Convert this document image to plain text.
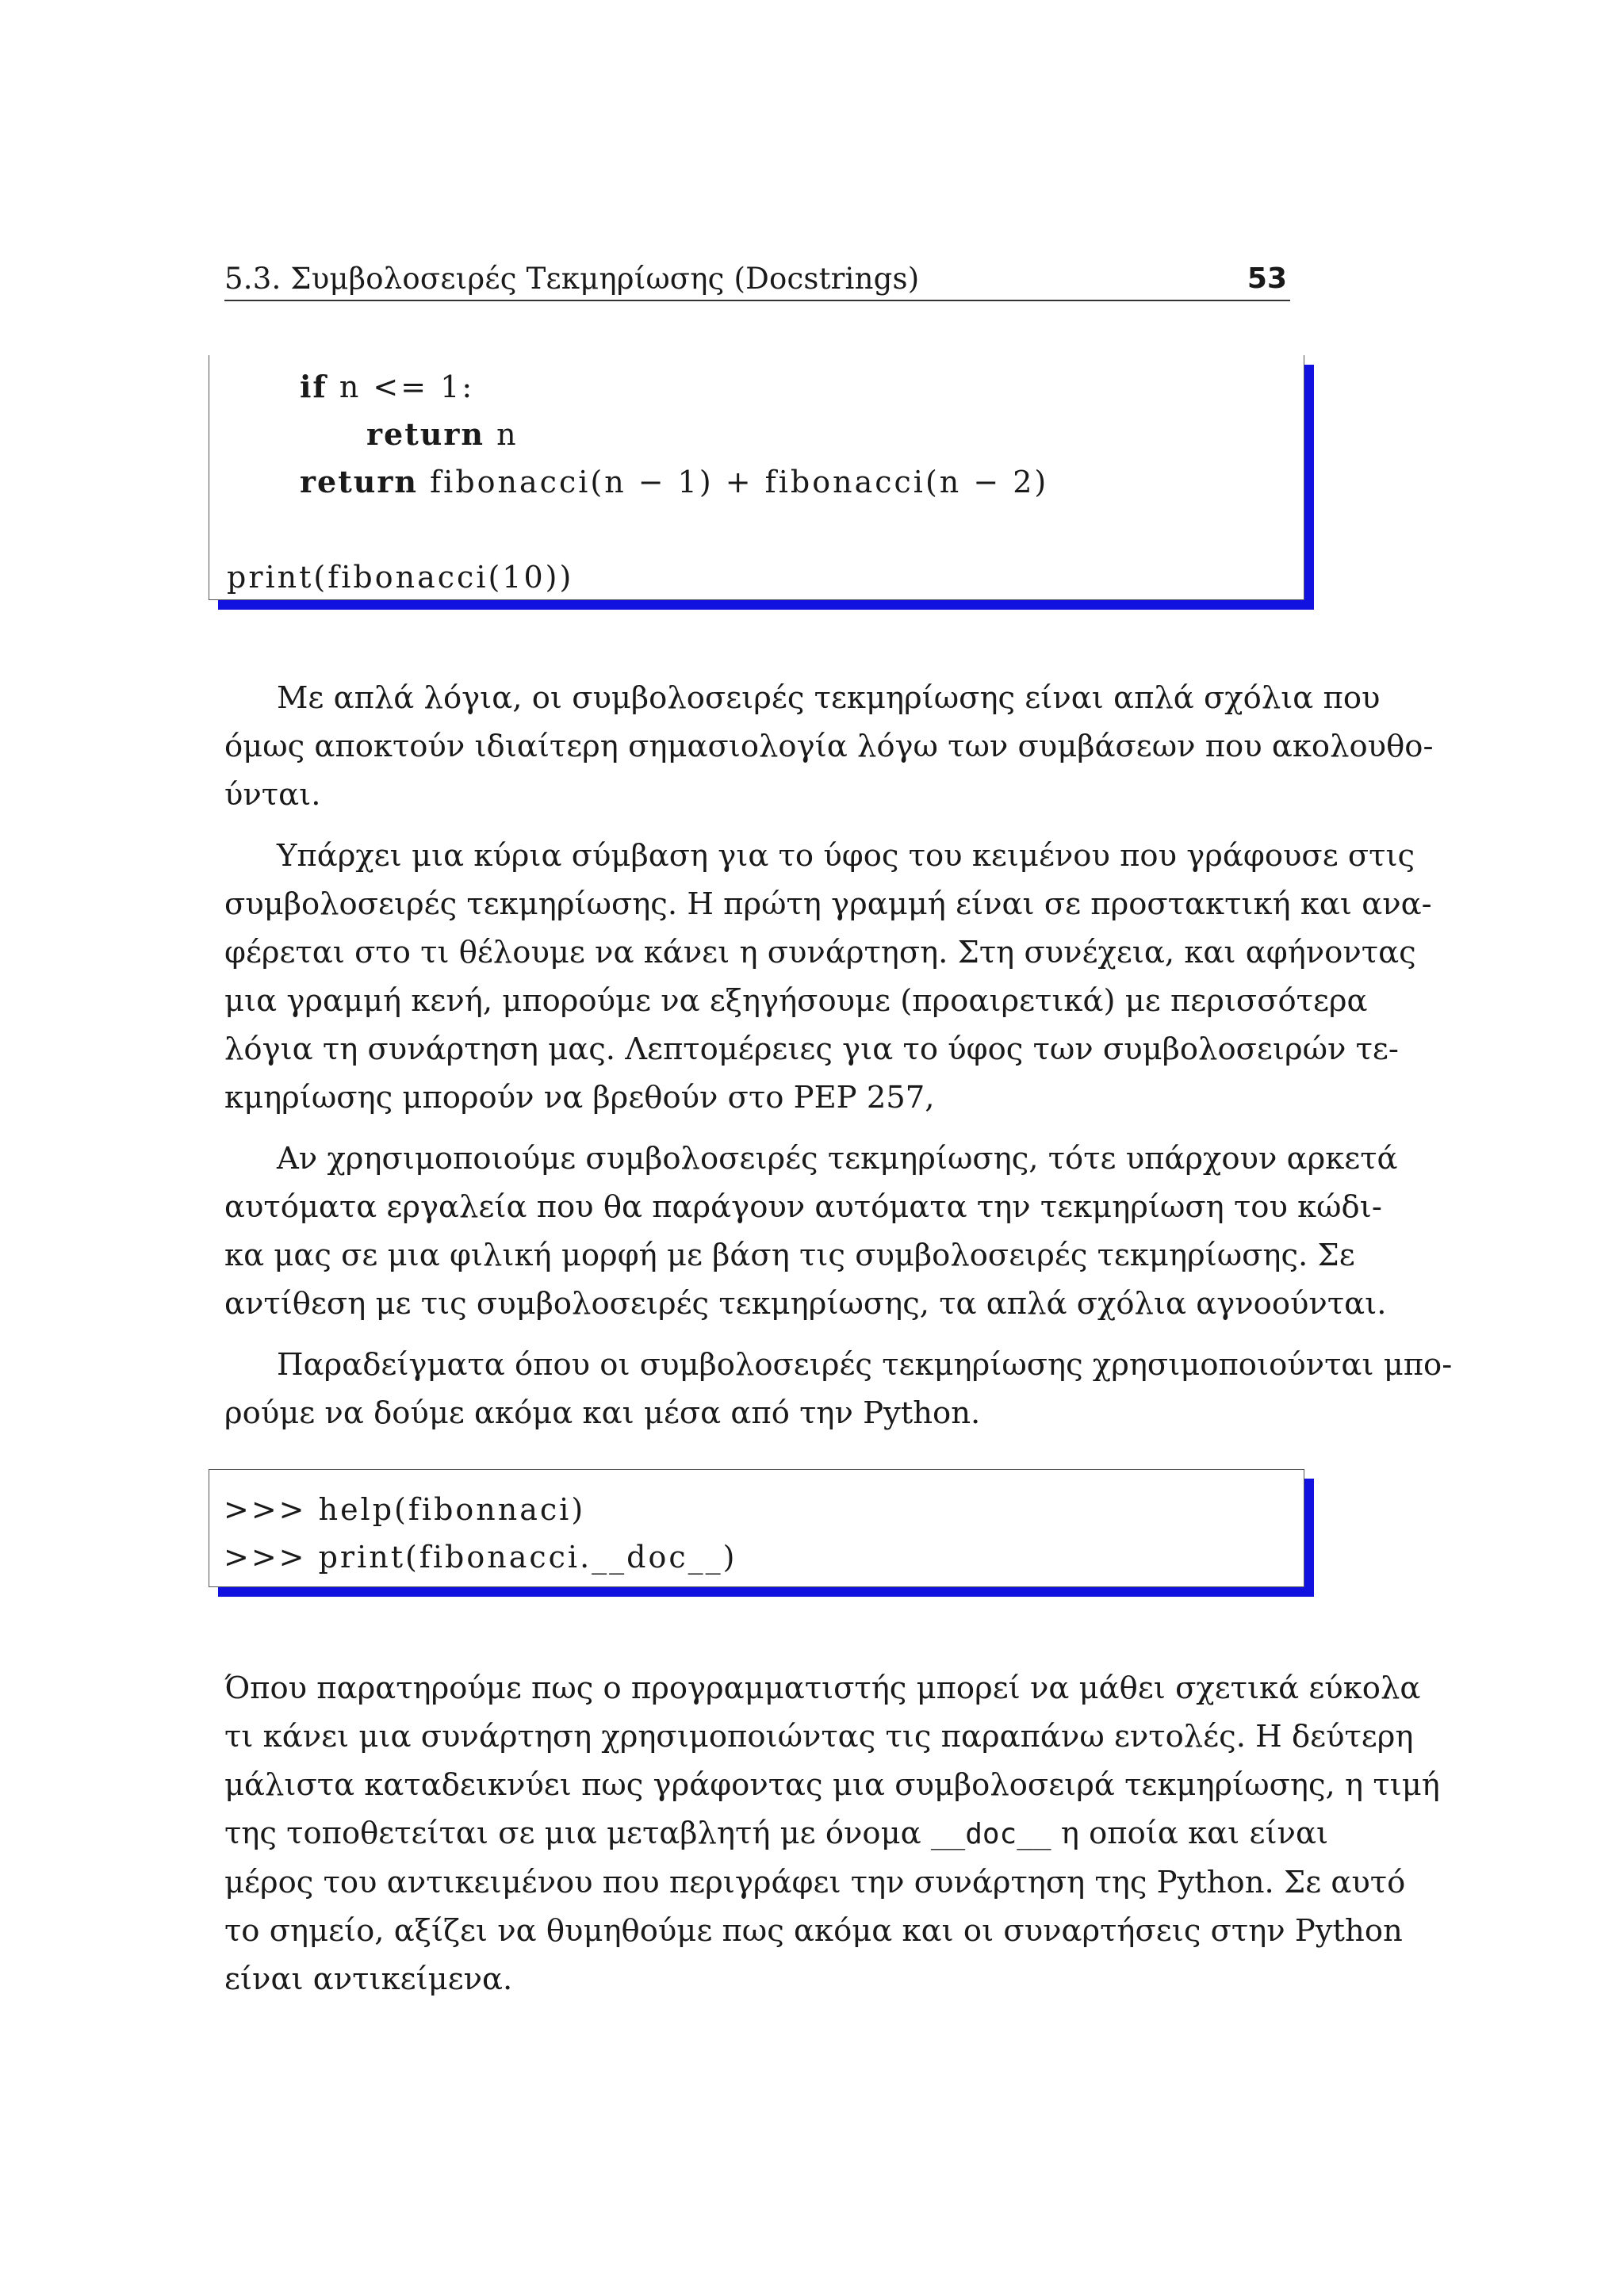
5.3. Συμβολοσειρές Τεκμηρίωσης (Docstrings)	53
if n <= 1:
return n
return fibonacci(n − 1) + fibonacci(n − 2)
print(fibonacci(10))
Με απλά λόγια, οι συμβολοσειρές τεκμηρίωσης είναι απλά σχόλια που
όμως αποκτούν ιδιαίτερη σημασιολογία λόγω των συμβάσεων που ακολουθο-
ύνται.
Υπάρχει μια κύρια σύμβαση για το ύφος του κειμένου που γράφουσε στις
συμβολοσειρές τεκμηρίωσης. Η πρώτη γραμμή είναι σε προστακτική και ανα-
φέρεται στο τι θέλουμε να κάνει η συνάρτηση. Στη συνέχεια, και αφήνοντας
μια γραμμή κενή, μπορούμε να εξηγήσουμε (προαιρετικά) με περισσότερα
λόγια τη συνάρτηση μας. Λεπτομέρειες για το ύφος των συμβολοσειρών τε-
κμηρίωσης μπορούν να βρεθούν στο PEP 257,
Αν χρησιμοποιούμε συμβολοσειρές τεκμηρίωσης, τότε υπάρχουν αρκετά
αυτόματα εργαλεία που θα παράγουν αυτόματα την τεκμηρίωση του κώδι-
κα μας σε μια φιλική μορφή με βάση τις συμβολοσειρές τεκμηρίωσης. Σε
αντίθεση με τις συμβολοσειρές τεκμηρίωσης, τα απλά σχόλια αγνοούνται.
Παραδείγματα όπου οι συμβολοσειρές τεκμηρίωσης χρησιμοποιούνται μπο-
ρούμε να δούμε ακόμα και μέσα από την Python.
>>> help(fibonnaci)
>>> print(fibonacci.__doc__)
Όπου παρατηρούμε πως ο προγραμματιστής μπορεί να μάθει σχετικά εύκολα
τι κάνει μια συνάρτηση χρησιμοποιώντας τις παραπάνω εντολές. Η δεύτερη
μάλιστα καταδεικνύει πως γράφοντας μια συμβολοσειρά τεκμηρίωσης, η τιμή
της τοποθετείται σε μια μεταβλητή με όνομα __doc__ η οποία και είναι
μέρος του αντικειμένου που περιγράφει την συνάρτηση της Python. Σε αυτό
το σημείο, αξίζει να θυμηθούμε πως ακόμα και οι συναρτήσεις στην Python
είναι αντικείμενα.
